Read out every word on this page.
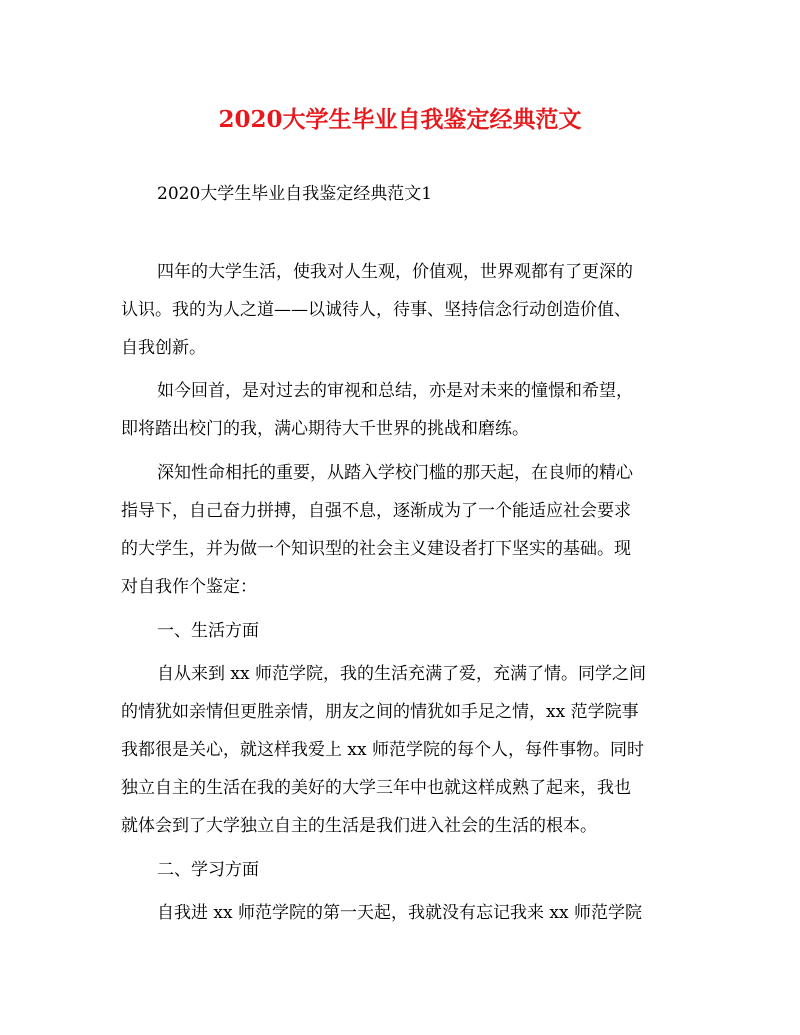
2020大学生毕业自我鉴定经典范文
2020大学生毕业自我鉴定经典范文1
四年的大学生活，使我对人生观，价值观，世界观都有了更深的
认识。我的为人之道——以诚待人，待事、坚持信念行动创造价值、
自我创新。
如今回首，是对过去的审视和总结，亦是对未来的憧憬和希望，
即将踏出校门的我，满心期待大千世界的挑战和磨练。
深知性命相托的重要，从踏入学校门槛的那天起，在良师的精心
指导下，自己奋力拼搏，自强不息，逐渐成为了一个能适应社会要求
的大学生，并为做一个知识型的社会主义建设者打下坚实的基础。现
对自我作个鉴定：
一、生活方面
自从来到 xx 师范学院，我的生活充满了爱，充满了情。同学之间
的情犹如亲情但更胜亲情，朋友之间的情犹如手足之情，xx 范学院事
我都很是关心，就这样我爱上 xx 师范学院的每个人，每件事物。同时
独立自主的生活在我的美好的大学三年中也就这样成熟了起来，我也
就体会到了大学独立自主的生活是我们进入社会的生活的根本。
二、学习方面
自我进 xx 师范学院的第一天起，我就没有忘记我来 xx 师范学院
